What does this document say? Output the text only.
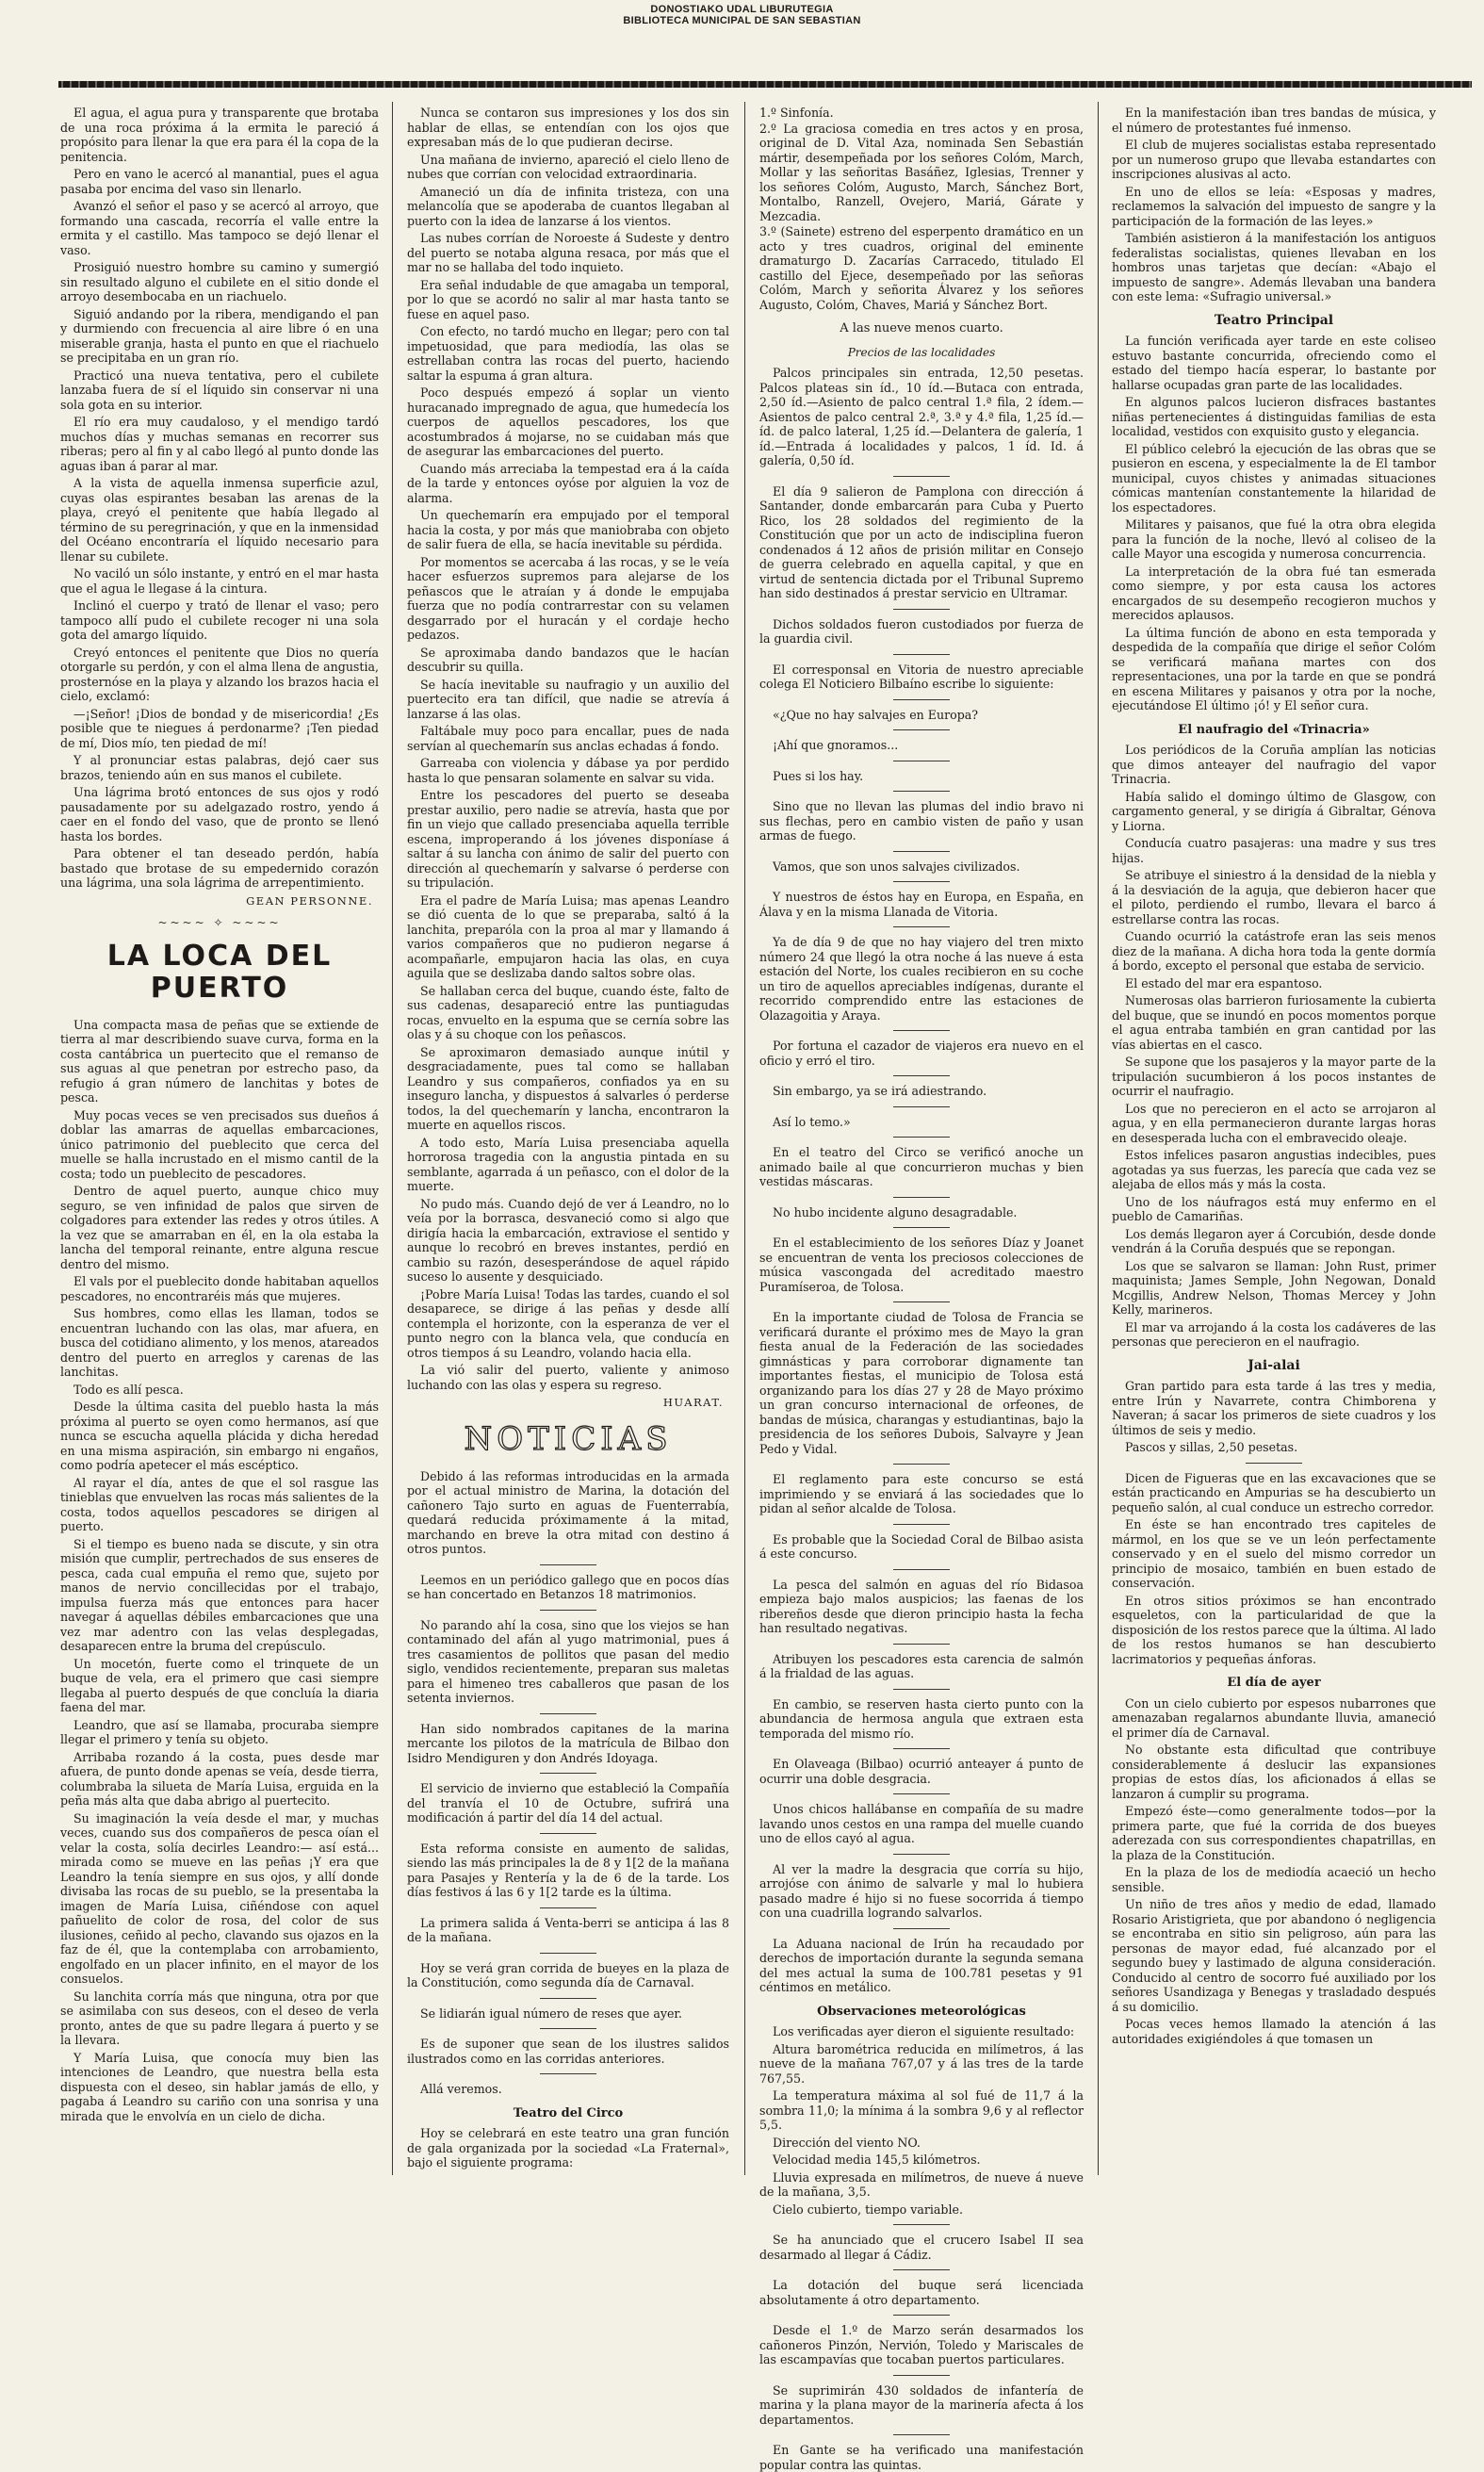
DONOSTIAKO UDAL LIBURUTEGIA
BIBLIOTECA MUNICIPAL DE SAN SEBASTIAN

El agua, el agua pura y transparente que brotaba de una roca próxima á la ermita le pareció á propósito para llenar la que era para él la copa de la penitencia.

Pero en vano le acercó al manantial, pues el agua pasaba por encima del vaso sin llenarlo.

Avanzó el señor el paso y se acercó al arroyo, que formando una cascada, recorría el valle entre la ermita y el castillo. Mas tampoco se dejó llenar el vaso.

Prosiguió nuestro hombre su camino y sumergió sin resultado alguno el cubilete en el sitio donde el arroyo desembocaba en un riachuelo.

Siguió andando por la ribera, mendigando el pan y durmiendo con frecuencia al aire libre ó en una miserable granja, hasta el punto en que el riachuelo se precipitaba en un gran río.

Practicó una nueva tentativa, pero el cubilete lanzaba fuera de sí el líquido sin conservar ni una sola gota en su interior.

El río era muy caudaloso, y el mendigo tardó muchos días y muchas semanas en recorrer sus riberas; pero al fin y al cabo llegó al punto donde las aguas iban á parar al mar.

A la vista de aquella inmensa superficie azul, cuyas olas espirantes besaban las arenas de la playa, creyó el penitente que había llegado al término de su peregrinación, y que en la inmensidad del Océano encontraría el líquido necesario para llenar su cubilete.

No vaciló un sólo instante, y entró en el mar hasta que el agua le llegase á la cintura.

Inclinó el cuerpo y trató de llenar el vaso; pero tampoco allí pudo el cubilete recoger ni una sola gota del amargo líquido.

Creyó entonces el penitente que Dios no quería otorgarle su perdón, y con el alma llena de angustia, prosternóse en la playa y alzando los brazos hacia el cielo, exclamó:

—¡Señor! ¡Dios de bondad y de misericordia! ¿Es posible que te niegues á perdonarme? ¡Ten piedad de mí, Dios mío, ten piedad de mí!

Y al pronunciar estas palabras, dejó caer sus brazos, teniendo aún en sus manos el cubilete.

Una lágrima brotó entonces de sus ojos y rodó pausadamente por su adelgazado rostro, yendo á caer en el fondo del vaso, que de pronto se llenó hasta los bordes.

Para obtener el tan deseado perdón, había bastado que brotase de su empedernido corazón una lágrima, una sola lágrima de arrepentimiento.

GEAN PERSONNE.
~~~~ ✧ ~~~~
LA LOCA DEL PUERTO

Una compacta masa de peñas que se extiende de tierra al mar describiendo suave curva, forma en la costa cantábrica un puertecito que el remanso de sus aguas al que penetran por estrecho paso, da refugio á gran número de lanchitas y botes de pesca.

Muy pocas veces se ven precisados sus dueños á doblar las amarras de aquellas embarcaciones, único patrimonio del pueblecito que cerca del muelle se halla incrustado en el mismo cantil de la costa; todo un pueblecito de pescadores.

Dentro de aquel puerto, aunque chico muy seguro, se ven infinidad de palos que sirven de colgadores para extender las redes y otros útiles. A la vez que se amarraban en él, en la ola estaba la lancha del temporal reinante, entre alguna rescue dentro del mismo.

El vals por el pueblecito donde habitaban aquellos pescadores, no encontraréis más que mujeres.

Sus hombres, como ellas les llaman, todos se encuentran luchando con las olas, mar afuera, en busca del cotidiano alimento, y los menos, atareados dentro del puerto en arreglos y carenas de las lanchitas.

Todo es allí pesca.

Desde la última casita del pueblo hasta la más próxima al puerto se oyen como hermanos, así que nunca se escucha aquella plácida y dicha heredad en una misma aspiración, sin embargo ni engaños, como podría apetecer el más escéptico.

Al rayar el día, antes de que el sol rasgue las tinieblas que envuelven las rocas más salientes de la costa, todos aquellos pescadores se dirigen al puerto.

Si el tiempo es bueno nada se discute, y sin otra misión que cumplir, pertrechados de sus enseres de pesca, cada cual empuña el remo que, sujeto por manos de nervio concillecidas por el trabajo, impulsa fuerza más que entonces para hacer navegar á aquellas débiles embarcaciones que una vez mar adentro con las velas desplegadas, desaparecen entre la bruma del crepúsculo.

Un mocetón, fuerte como el trinquete de un buque de vela, era el primero que casi siempre llegaba al puerto después de que concluía la diaria faena del mar.

Leandro, que así se llamaba, procuraba siempre llegar el primero y tenía su objeto.

Arribaba rozando á la costa, pues desde mar afuera, de punto donde apenas se veía, desde tierra, columbraba la silueta de María Luisa, erguida en la peña más alta que daba abrigo al puertecito.

Su imaginación la veía desde el mar, y muchas veces, cuando sus dos compañeros de pesca oían el velar la costa, solía decirles Leandro:— así está... mirada como se mueve en las peñas ¡Y era que Leandro la tenía siempre en sus ojos, y allí donde divisaba las rocas de su pueblo, se la presentaba la imagen de María Luisa, ciñéndose con aquel pañuelito de color de rosa, del color de sus ilusiones, ceñido al pecho, clavando sus ojazos en la faz de él, que la contemplaba con arrobamiento, engolfado en un placer infinito, en el mayor de los consuelos.

Su lanchita corría más que ninguna, otra por que se asimilaba con sus deseos, con el deseo de verla pronto, antes de que su padre llegara á puerto y se la llevara.

Y María Luisa, que conocía muy bien las intenciones de Leandro, que nuestra bella esta dispuesta con el deseo, sin hablar jamás de ello, y pagaba á Leandro su cariño con una sonrisa y una mirada que le envolvía en un cielo de dicha.

Nunca se contaron sus impresiones y los dos sin hablar de ellas, se entendían con los ojos que expresaban más de lo que pudieran decirse.

Una mañana de invierno, apareció el cielo lleno de nubes que corrían con velocidad extraordinaria.

Amaneció un día de infinita tristeza, con una melancolía que se apoderaba de cuantos llegaban al puerto con la idea de lanzarse á los vientos.

Las nubes corrían de Noroeste á Sudeste y dentro del puerto se notaba alguna resaca, por más que el mar no se hallaba del todo inquieto.

Era señal indudable de que amagaba un temporal, por lo que se acordó no salir al mar hasta tanto se fuese en aquel paso.

Con efecto, no tardó mucho en llegar; pero con tal impetuosidad, que para mediodía, las olas se estrellaban contra las rocas del puerto, haciendo saltar la espuma á gran altura.

Poco después empezó á soplar un viento huracanado impregnado de agua, que humedecía los cuerpos de aquellos pescadores, los que acostumbrados á mojarse, no se cuidaban más que de asegurar las embarcaciones del puerto.

Cuando más arreciaba la tempestad era á la caída de la tarde y entonces oyóse por alguien la voz de alarma.

Un quechemarín era empujado por el temporal hacia la costa, y por más que maniobraba con objeto de salir fuera de ella, se hacía inevitable su pérdida.

Por momentos se acercaba á las rocas, y se le veía hacer esfuerzos supremos para alejarse de los peñascos que le atraían y á donde le empujaba fuerza que no podía contrarrestar con su velamen desgarrado por el huracán y el cordaje hecho pedazos.

Se aproximaba dando bandazos que le hacían descubrir su quilla.

Se hacía inevitable su naufragio y un auxilio del puertecito era tan difícil, que nadie se atrevía á lanzarse á las olas.

Faltábale muy poco para encallar, pues de nada servían al quechemarín sus anclas echadas á fondo.

Garreaba con violencia y dábase ya por perdido hasta lo que pensaran solamente en salvar su vida.

Entre los pescadores del puerto se deseaba prestar auxilio, pero nadie se atrevía, hasta que por fin un viejo que callado presenciaba aquella terrible escena, improperando á los jóvenes disponíase á saltar á su lancha con ánimo de salir del puerto con dirección al quechemarín y salvarse ó perderse con su tripulación.

Era el padre de María Luisa; mas apenas Leandro se dió cuenta de lo que se preparaba, saltó á la lanchita, preparóla con la proa al mar y llamando á varios compañeros que no pudieron negarse á acompañarle, empujaron hacia las olas, en cuya aguila que se deslizaba dando saltos sobre olas.

Se hallaban cerca del buque, cuando éste, falto de sus cadenas, desapareció entre las puntiagudas rocas, envuelto en la espuma que se cernía sobre las olas y á su choque con los peñascos.

Se aproximaron demasiado aunque inútil y desgraciadamente, pues tal como se hallaban Leandro y sus compañeros, confiados ya en su inseguro lancha, y dispuestos á salvarles ó perderse todos, la del quechemarín y lancha, encontraron la muerte en aquellos riscos.

A todo esto, María Luisa presenciaba aquella horrorosa tragedia con la angustia pintada en su semblante, agarrada á un peñasco, con el dolor de la muerte.

No pudo más. Cuando dejó de ver á Leandro, no lo veía por la borrasca, desvaneció como si algo que dirigía hacia la embarcación, extraviose el sentido y aunque lo recobró en breves instantes, perdió en cambio su razón, desesperándose de aquel rápido suceso lo ausente y desquiciado.

¡Pobre María Luisa! Todas las tardes, cuando el sol desaparece, se dirige á las peñas y desde allí contempla el horizonte, con la esperanza de ver el punto negro con la blanca vela, que conducía en otros tiempos á su Leandro, volando hacia ella.

La vió salir del puerto, valiente y animoso luchando con las olas y espera su regreso.

HUARAT.
NOTICIAS

Debido á las reformas introducidas en la armada por el actual ministro de Marina, la dotación del cañonero Tajo surto en aguas de Fuenterrabía, quedará reducida próximamente á la mitad, marchando en breve la otra mitad con destino á otros puntos.

Leemos en un periódico gallego que en pocos días se han concertado en Betanzos 18 matrimonios.

No parando ahí la cosa, sino que los viejos se han contaminado del afán al yugo matrimonial, pues á tres casamientos de pollitos que pasan del medio siglo, vendidos recientemente, preparan sus maletas para el himeneo tres caballeros que pasan de los setenta inviernos.

Han sido nombrados capitanes de la marina mercante los pilotos de la matrícula de Bilbao don Isidro Mendiguren y don Andrés Idoyaga.

El servicio de invierno que estableció la Compañía del tranvía el 10 de Octubre, sufrirá una modificación á partir del día 14 del actual.

Esta reforma consiste en aumento de salidas, siendo las más principales la de 8 y 1[2 de la mañana para Pasajes y Rentería y la de 6 de la tarde. Los días festivos á las 6 y 1[2 tarde es la última.

La primera salida á Venta-berri se anticipa á las 8 de la mañana.

Hoy se verá gran corrida de bueyes en la plaza de la Constitución, como segunda día de Carnaval.

Se lidiarán igual número de reses que ayer.

Es de suponer que sean de los ilustres salidos ilustrados como en las corridas anteriores.

Allá veremos.

Teatro del Circo

Hoy se celebrará en este teatro una gran función de gala organizada por la sociedad «La Fraternal», bajo el siguiente programa:

1.º Sinfonía.

2.º La graciosa comedia en tres actos y en prosa, original de D. Vital Aza, nominada Sen Sebastián mártir, desempeñada por los señores Colóm, March, Mollar y las señoritas Basáñez, Iglesias, Trenner y los señores Colóm, Augusto, March, Sánchez Bort, Montalbo, Ranzell, Ovejero, Mariá, Gárate y Mezcadia.

3.º (Sainete) estreno del esperpento dramático en un acto y tres cuadros, original del eminente dramaturgo D. Zacarías Carracedo, titulado El castillo del Ejece, desempeñado por las señoras Colóm, March y señorita Álvarez y los señores Augusto, Colóm, Chaves, Mariá y Sánchez Bort.

A las nueve menos cuarto.
Precios de las localidades

Palcos principales sin entrada, 12,50 pesetas. Palcos plateas sin íd., 10 íd.—Butaca con entrada, 2,50 íd.—Asiento de palco central 1.ª fila, 2 ídem.—Asientos de palco central 2.ª, 3.ª y 4.ª fila, 1,25 íd.—íd. de palco lateral, 1,25 íd.—Delantera de galería, 1 íd.—Entrada á localidades y palcos, 1 íd. Id. á galería, 0,50 íd.

El día 9 salieron de Pamplona con dirección á Santander, donde embarcarán para Cuba y Puerto Rico, los 28 soldados del regimiento de la Constitución que por un acto de indisciplina fueron condenados á 12 años de prisión militar en Consejo de guerra celebrado en aquella capital, y que en virtud de sentencia dictada por el Tribunal Supremo han sido destinados á prestar servicio en Ultramar.

Dichos soldados fueron custodiados por fuerza de la guardia civil.

El corresponsal en Vitoria de nuestro apreciable colega El Noticiero Bilbaíno escribe lo siguiente:

«¿Que no hay salvajes en Europa?

¡Ahí que gnoramos...

Pues si los hay.

Sino que no llevan las plumas del indio bravo ni sus flechas, pero en cambio visten de paño y usan armas de fuego.

Vamos, que son unos salvajes civilizados.

Y nuestros de éstos hay en Europa, en España, en Álava y en la misma Llanada de Vitoria.

Ya de día 9 de que no hay viajero del tren mixto número 24 que llegó la otra noche á las nueve á esta estación del Norte, los cuales recibieron en su coche un tiro de aquellos apreciables indígenas, durante el recorrido comprendido entre las estaciones de Olazagoitia y Araya.

Por fortuna el cazador de viajeros era nuevo en el oficio y erró el tiro.

Sin embargo, ya se irá adiestrando.

Así lo temo.»

En el teatro del Circo se verificó anoche un animado baile al que concurrieron muchas y bien vestidas máscaras.

No hubo incidente alguno desagradable.

En el establecimiento de los señores Díaz y Joanet se encuentran de venta los preciosos colecciones de música vascongada del acreditado maestro Puramíseroa, de Tolosa.

En la importante ciudad de Tolosa de Francia se verificará durante el próximo mes de Mayo la gran fiesta anual de la Federación de las sociedades gimnásticas y para corroborar dignamente tan importantes fiestas, el municipio de Tolosa está organizando para los días 27 y 28 de Mayo próximo un gran concurso internacional de orfeones, de bandas de música, charangas y estudiantinas, bajo la presidencia de los señores Dubois, Salvayre y Jean Pedo y Vidal.

El reglamento para este concurso se está imprimiendo y se enviará á las sociedades que lo pidan al señor alcalde de Tolosa.

Es probable que la Sociedad Coral de Bilbao asista á este concurso.

La pesca del salmón en aguas del río Bidasoa empieza bajo malos auspicios; las faenas de los ribereños desde que dieron principio hasta la fecha han resultado negativas.

Atribuyen los pescadores esta carencia de salmón á la frialdad de las aguas.

En cambio, se reserven hasta cierto punto con la abundancia de hermosa angula que extraen esta temporada del mismo río.

En Olaveaga (Bilbao) ocurrió anteayer á punto de ocurrir una doble desgracia.

Unos chicos hallábanse en compañía de su madre lavando unos cestos en una rampa del muelle cuando uno de ellos cayó al agua.

Al ver la madre la desgracia que corría su hijo, arrojóse con ánimo de salvarle y mal lo hubiera pasado madre é hijo si no fuese socorrida á tiempo con una cuadrilla logrando salvarlos.

La Aduana nacional de Irún ha recaudado por derechos de importación durante la segunda semana del mes actual la suma de 100.781 pesetas y 91 céntimos en metálico.

Observaciones meteorológicas

Los verificadas ayer dieron el siguiente resultado:

Altura barométrica reducida en milímetros, á las nueve de la mañana 767,07 y á las tres de la tarde 767,55.

La temperatura máxima al sol fué de 11,7 á la sombra 11,0; la mínima á la sombra 9,6 y al reflector 5,5.

Dirección del viento NO.

Velocidad media 145,5 kilómetros.

Lluvia expresada en milímetros, de nueve á nueve de la mañana, 3,5.

Cielo cubierto, tiempo variable.

Se ha anunciado que el crucero Isabel II sea desarmado al llegar á Cádiz.

La dotación del buque será licenciada absolutamente á otro departamento.

Desde el 1.º de Marzo serán desarmados los cañoneros Pinzón, Nervión, Toledo y Mariscales de las escampavías que tocaban puertos particulares.

Se suprimirán 430 soldados de infantería de marina y la plana mayor de la marinería afecta á los departamentos.

En Gante se ha verificado una manifestación popular contra las quintas.

En la manifestación iban tres bandas de música, y el número de protestantes fué inmenso.

El club de mujeres socialistas estaba representado por un numeroso grupo que llevaba estandartes con inscripciones alusivas al acto.

En uno de ellos se leía: «Esposas y madres, reclamemos la salvación del impuesto de sangre y la participación de la formación de las leyes.»

También asistieron á la manifestación los antiguos federalistas socialistas, quienes llevaban en los hombros unas tarjetas que decían: «Abajo el impuesto de sangre». Además llevaban una bandera con este lema: «Sufragio universal.»

Teatro Principal

La función verificada ayer tarde en este coliseo estuvo bastante concurrida, ofreciendo como el estado del tiempo hacía esperar, lo bastante por hallarse ocupadas gran parte de las localidades.

En algunos palcos lucieron disfraces bastantes niñas pertenecientes á distinguidas familias de esta localidad, vestidos con exquisito gusto y elegancia.

El público celebró la ejecución de las obras que se pusieron en escena, y especialmente la de El tambor municipal, cuyos chistes y animadas situaciones cómicas mantenían constantemente la hilaridad de los espectadores.

Militares y paisanos, que fué la otra obra elegida para la función de la noche, llevó al coliseo de la calle Mayor una escogida y numerosa concurrencia.

La interpretación de la obra fué tan esmerada como siempre, y por esta causa los actores encargados de su desempeño recogieron muchos y merecidos aplausos.

La última función de abono en esta temporada y despedida de la compañía que dirige el señor Colóm se verificará mañana martes con dos representaciones, una por la tarde en que se pondrá en escena Militares y paisanos y otra por la noche, ejecutándose El último ¡ó! y El señor cura.

El naufragio del «Trinacria»

Los periódicos de la Coruña amplían las noticias que dimos anteayer del naufragio del vapor Trinacria.

Había salido el domingo último de Glasgow, con cargamento general, y se dirigía á Gibraltar, Génova y Liorna.

Conducía cuatro pasajeras: una madre y sus tres hijas.

Se atribuye el siniestro á la densidad de la niebla y á la desviación de la aguja, que debieron hacer que el piloto, perdiendo el rumbo, llevara el barco á estrellarse contra las rocas.

Cuando ocurrió la catástrofe eran las seis menos diez de la mañana. A dicha hora toda la gente dormía á bordo, excepto el personal que estaba de servicio.

El estado del mar era espantoso.

Numerosas olas barrieron furiosamente la cubierta del buque, que se inundó en pocos momentos porque el agua entraba también en gran cantidad por las vías abiertas en el casco.

Se supone que los pasajeros y la mayor parte de la tripulación sucumbieron á los pocos instantes de ocurrir el naufragio.

Los que no perecieron en el acto se arrojaron al agua, y en ella permanecieron durante largas horas en desesperada lucha con el embravecido oleaje.

Estos infelices pasaron angustias indecibles, pues agotadas ya sus fuerzas, les parecía que cada vez se alejaba de ellos más y más la costa.

Uno de los náufragos está muy enfermo en el pueblo de Camariñas.

Los demás llegaron ayer á Corcubión, desde donde vendrán á la Coruña después que se repongan.

Los que se salvaron se llaman: John Rust, primer maquinista; James Semple, John Negowan, Donald Mcgillis, Andrew Nelson, Thomas Mercey y John Kelly, marineros.

El mar va arrojando á la costa los cadáveres de las personas que perecieron en el naufragio.

Jai-alai

Gran partido para esta tarde á las tres y media, entre Irún y Navarrete, contra Chimborena y Naveran; á sacar los primeros de siete cuadros y los últimos de seis y medio.

Pascos y sillas, 2,50 pesetas.

Dicen de Figueras que en las excavaciones que se están practicando en Ampurias se ha descubierto un pequeño salón, al cual conduce un estrecho corredor.

En éste se han encontrado tres capiteles de mármol, en los que se ve un león perfectamente conservado y en el suelo del mismo corredor un principio de mosaico, también en buen estado de conservación.

En otros sitios próximos se han encontrado esqueletos, con la particularidad de que la disposición de los restos parece que la última. Al lado de los restos humanos se han descubierto lacrimatorios y pequeñas ánforas.

El día de ayer

Con un cielo cubierto por espesos nubarrones que amenazaban regalarnos abundante lluvia, amaneció el primer día de Carnaval.

No obstante esta dificultad que contribuye considerablemente á deslucir las expansiones propias de estos días, los aficionados á ellas se lanzaron á cumplir su programa.

Empezó éste—como generalmente todos—por la primera parte, que fué la corrida de dos bueyes aderezada con sus correspondientes chapatrillas, en la plaza de la Constitución.

En la plaza de los de mediodía acaeció un hecho sensible.

Un niño de tres años y medio de edad, llamado Rosario Aristigrieta, que por abandono ó negligencia se encontraba en sitio sin peligroso, aún para las personas de mayor edad, fué alcanzado por el segundo buey y lastimado de alguna consideración. Conducido al centro de socorro fué auxiliado por los señores Usandizaga y Benegas y trasladado después á su domicilio.

Pocas veces hemos llamado la atención á las autoridades exigiéndoles á que tomasen un
